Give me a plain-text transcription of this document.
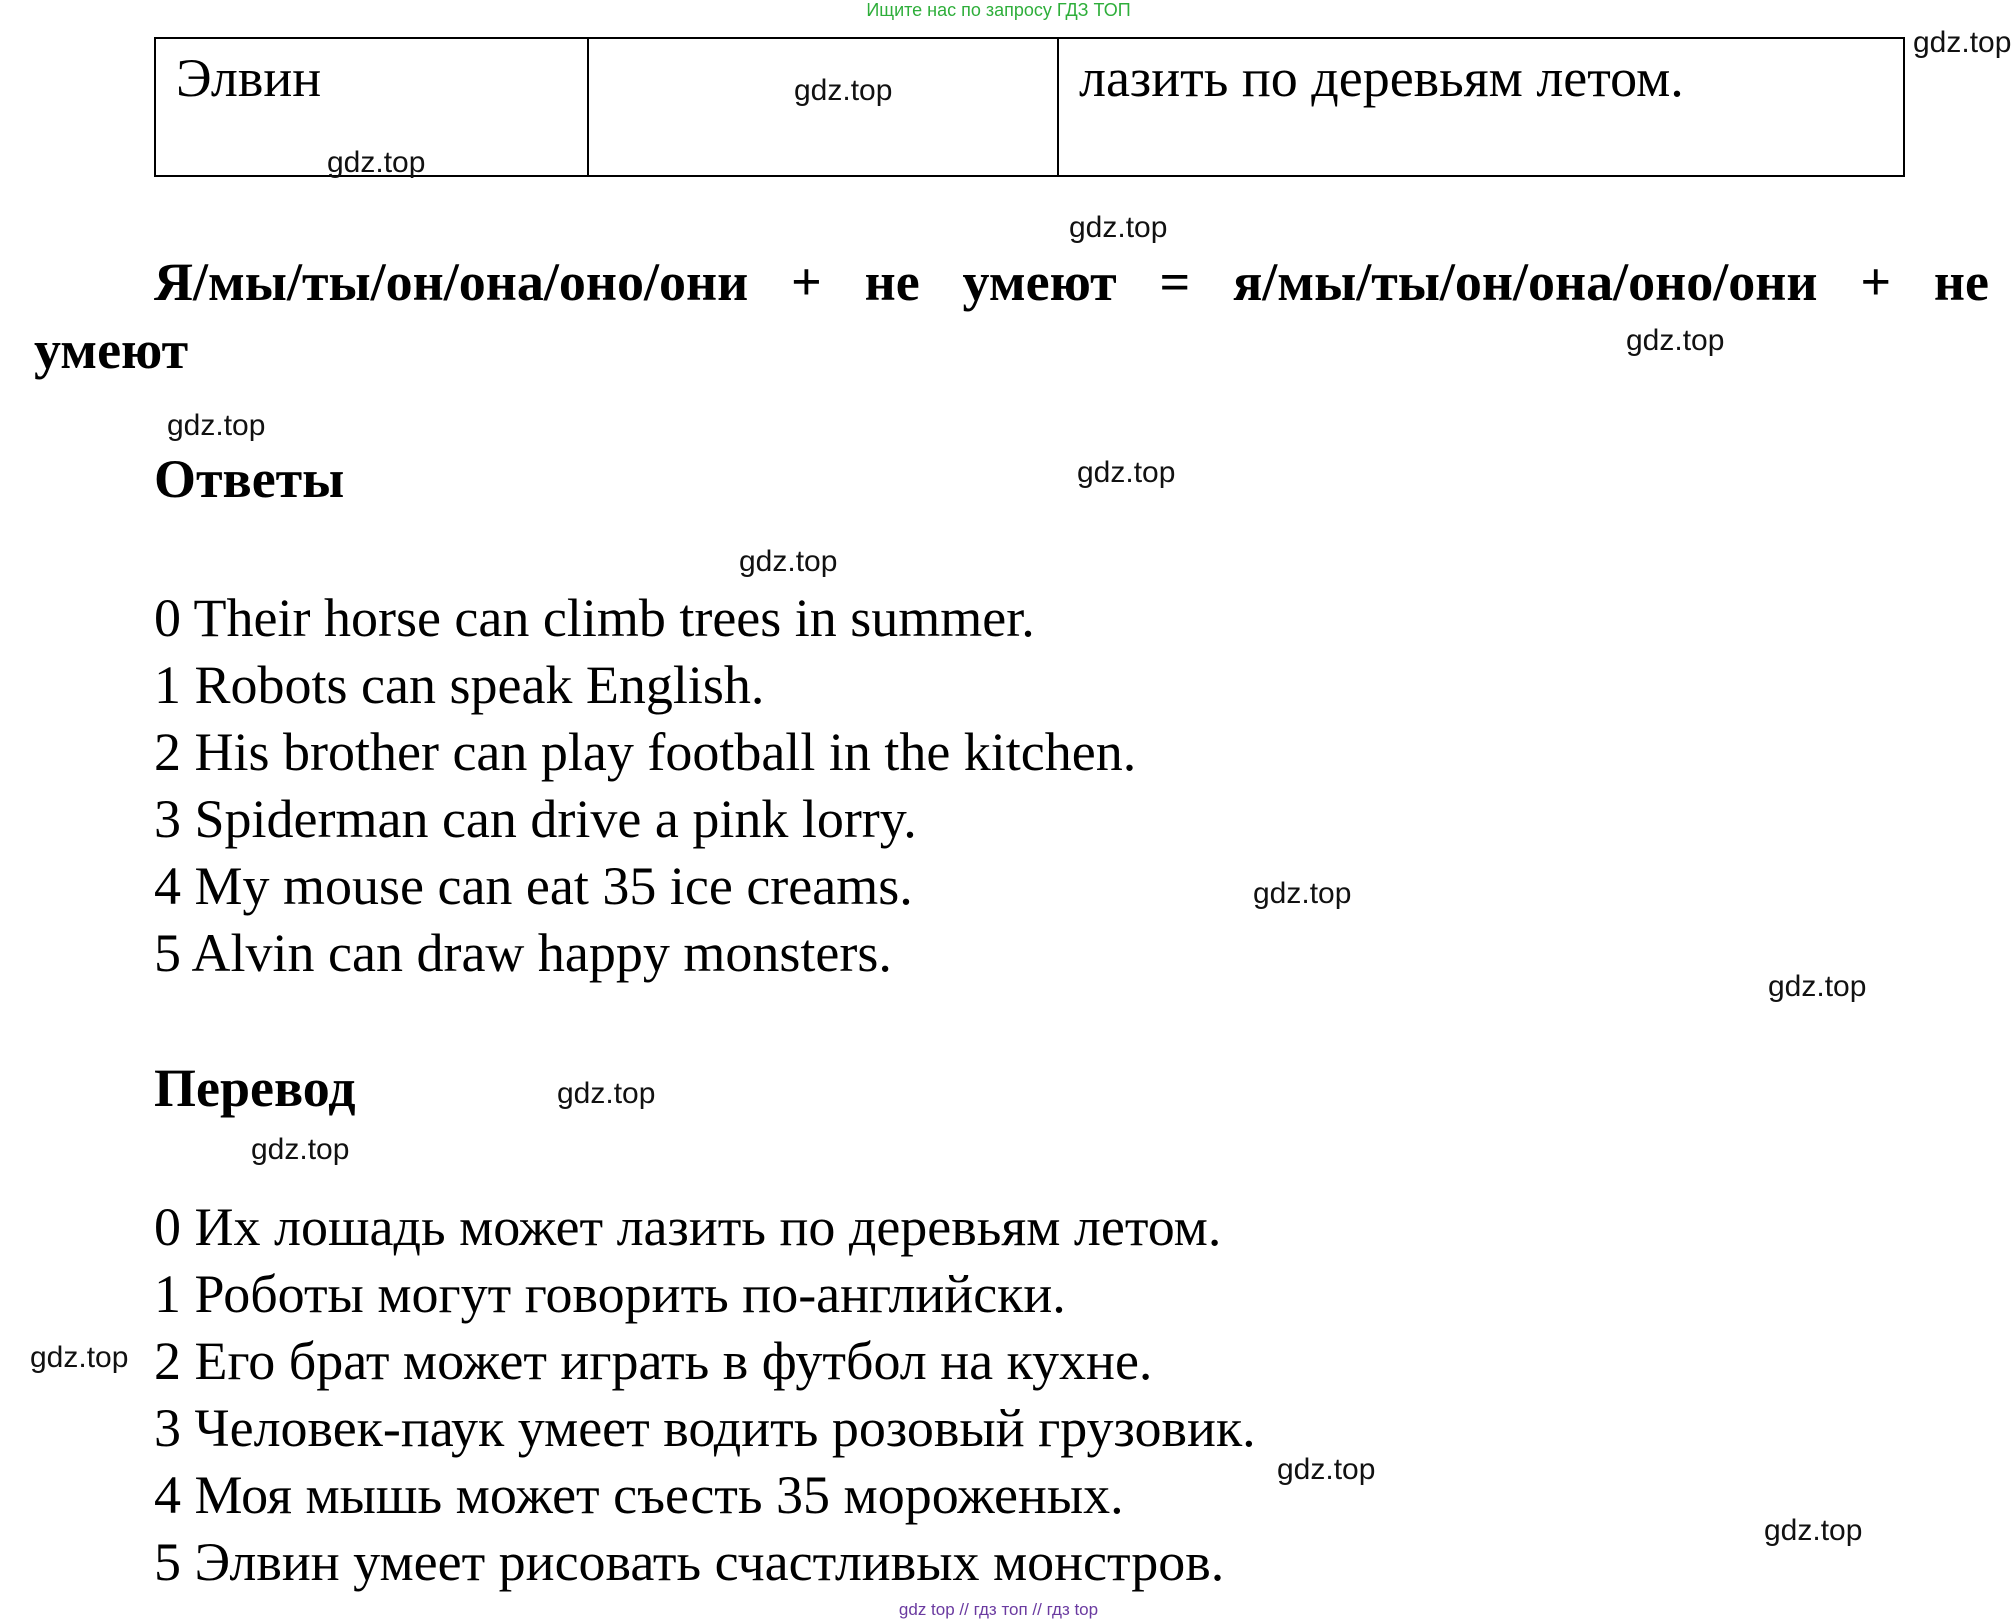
Ищите нас по запросу ГДЗ ТОП
Элвин		лазить по деревьям летом.
Я/мы/ты/он/она/оно/они + не умеют = я/мы/ты/он/она/оно/они + не
умеют
Ответы
0 Their horse can climb trees in summer.
1 Robots can speak English.
2 His brother can play football in the kitchen.
3 Spiderman can drive a pink lorry.
4 My mouse can eat 35 ice creams.
5 Alvin can draw happy monsters.
Перевод
0 Их лошадь может лазить по деревьям летом.
1 Роботы могут говорить по-английски.
2 Его брат может играть в футбол на кухне.
3 Человек-паук умеет водить розовый грузовик.
4 Моя мышь может съесть 35 мороженых.
5 Элвин умеет рисовать счастливых монстров.
gdz.top
gdz.top
gdz.top
gdz.top
gdz.top
gdz.top
gdz.top
gdz.top
gdz.top
gdz.top
gdz.top
gdz.top
gdz.top
gdz.top
gdz.top
gdz top // гдз топ // гдз top
